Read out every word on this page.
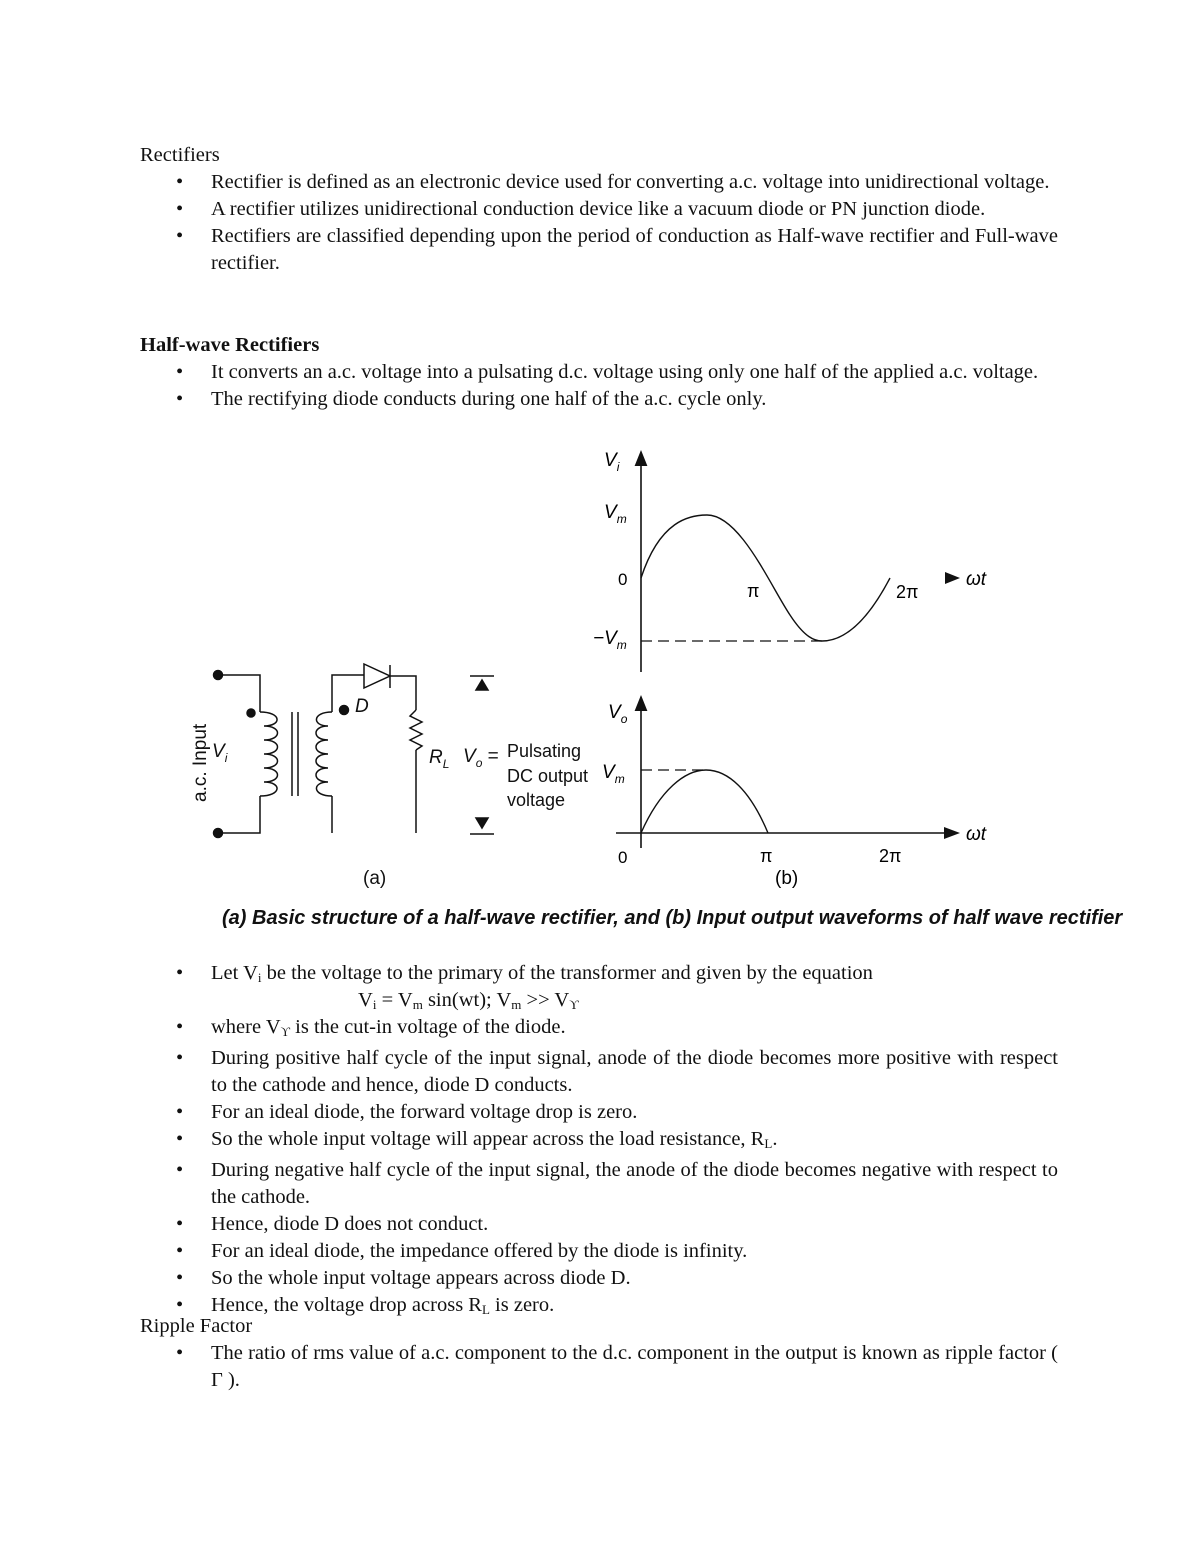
Rectifiers
• Rectifier is defined as an electronic device used for converting a.c. voltage into unidirectional voltage.
• A rectifier utilizes unidirectional conduction device like a vacuum diode or PN junction diode.
• Rectifiers are classified depending upon the period of conduction as Half-wave rectifier and Full-wave rectifier.
Half-wave Rectifiers
• It converts an a.c. voltage into a pulsating d.c. voltage using only one half of the applied a.c. voltage.
• The rectifying diode conducts during one half of the a.c. cycle only.
$V_i$
$V_m$
0
$-V_m$
π	2π
ωt
$V_o$
$V_m$
0	π	2π
ωt
(b)
a.c. Input $V_i$
D
$R_L$ $V_o$ = Pulsating
DC output
voltage
(a)
(a) Basic structure of a half-wave rectifier, and (b) Input output waveforms of half wave rectifier
• Let $V_i$ be the voltage to the primary of the transformer and given by the equation
$V_i = V_m$ sin(wt); $V_m >> V_ϒ$
• where $V_ϒ$ is the cut-in voltage of the diode.
• During positive half cycle of the input signal, anode of the diode becomes more positive with respect to the cathode and hence, diode D conducts.
• For an ideal diode, the forward voltage drop is zero.
• So the whole input voltage will appear across the load resistance, $R_L$.
• During negative half cycle of the input signal, the anode of the diode becomes negative with respect to the cathode.
• Hence, diode D does not conduct.
• For an ideal diode, the impedance offered by the diode is infinity.
• So the whole input voltage appears across diode D.
• Hence, the voltage drop across $R_L$ is zero.
Ripple Factor
• The ratio of rms value of a.c. component to the d.c. component in the output is known as ripple factor ( Γ ).
